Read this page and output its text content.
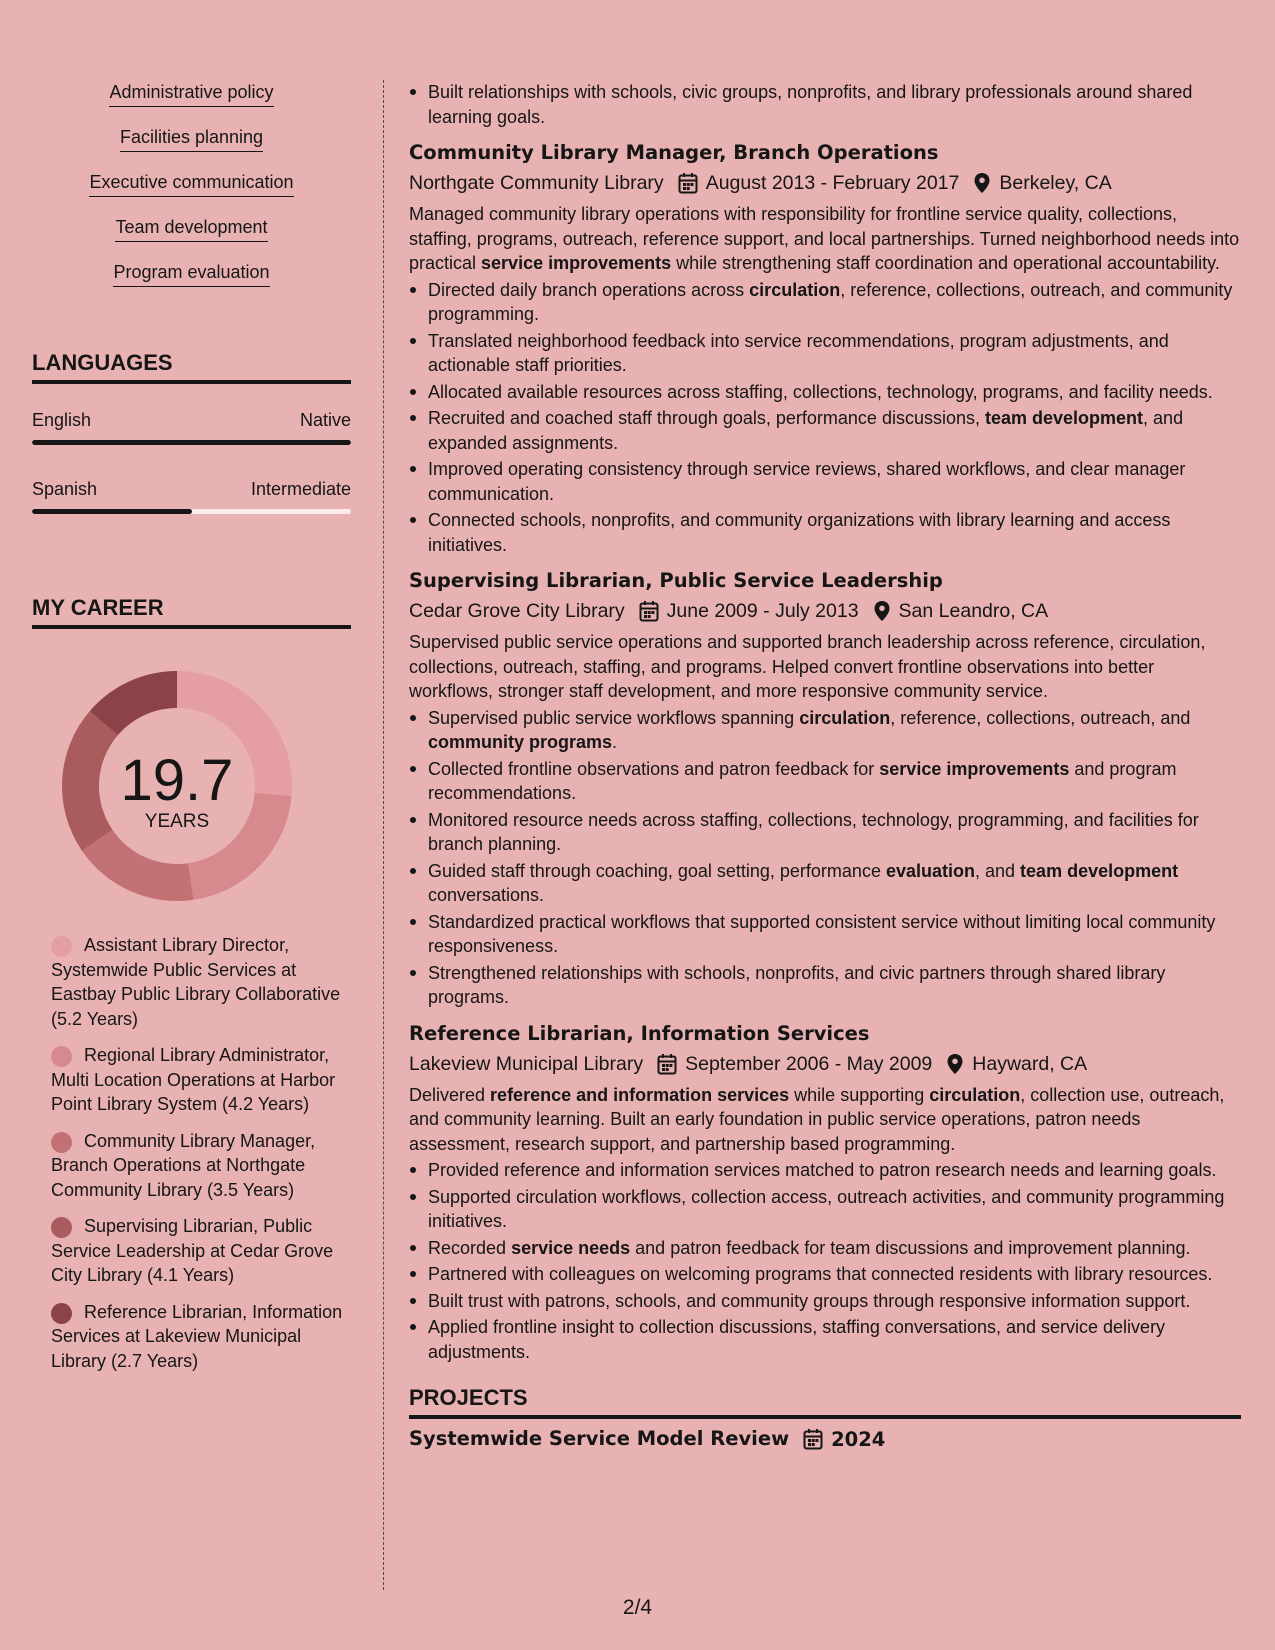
Administrative policy
Facilities planning
Executive communication
Team development
Program evaluation
LANGUAGES
English	Native
Spanish	Intermediate
MY CAREER
19.7
YEARS
Assistant Library Director, Systemwide Public Services at Eastbay Public Library Collaborative (5.2 Years)
Regional Library Administrator, Multi Location Operations at Harbor Point Library System (4.2 Years)
Community Library Manager, Branch Operations at Northgate Community Library (3.5 Years)
Supervising Librarian, Public Service Leadership at Cedar Grove City Library (4.1 Years)
Reference Librarian, Information Services at Lakeview Municipal Library (2.7 Years)
Built relationships with schools, civic groups, nonprofits, and library professionals around shared learning goals.
Community Library Manager, Branch Operations
Northgate Community Library August 2013 - February 2017 Berkeley, CA
Managed community library operations with responsibility for frontline service quality, collections, staffing, programs, outreach, reference support, and local partnerships. Turned neighborhood needs into practical service improvements while strengthening staff coordination and operational accountability.
Directed daily branch operations across circulation, reference, collections, outreach, and community programming.
Translated neighborhood feedback into service recommendations, program adjustments, and actionable staff priorities.
Allocated available resources across staffing, collections, technology, programs, and facility needs.
Recruited and coached staff through goals, performance discussions, team development, and expanded assignments.
Improved operating consistency through service reviews, shared workflows, and clear manager communication.
Connected schools, nonprofits, and community organizations with library learning and access initiatives.
Supervising Librarian, Public Service Leadership
Cedar Grove City Library June 2009 - July 2013 San Leandro, CA
Supervised public service operations and supported branch leadership across reference, circulation, collections, outreach, staffing, and programs. Helped convert frontline observations into better workflows, stronger staff development, and more responsive community service.
Supervised public service workflows spanning circulation, reference, collections, outreach, and community programs.
Collected frontline observations and patron feedback for service improvements and program recommendations.
Monitored resource needs across staffing, collections, technology, programming, and facilities for branch planning.
Guided staff through coaching, goal setting, performance evaluation, and team development conversations.
Standardized practical workflows that supported consistent service without limiting local community responsiveness.
Strengthened relationships with schools, nonprofits, and civic partners through shared library programs.
Reference Librarian, Information Services
Lakeview Municipal Library September 2006 - May 2009 Hayward, CA
Delivered reference and information services while supporting circulation, collection use, outreach, and community learning. Built an early foundation in public service operations, patron needs assessment, research support, and partnership based programming.
Provided reference and information services matched to patron research needs and learning goals.
Supported circulation workflows, collection access, outreach activities, and community programming initiatives.
Recorded service needs and patron feedback for team discussions and improvement planning.
Partnered with colleagues on welcoming programs that connected residents with library resources.
Built trust with patrons, schools, and community groups through responsive information support.
Applied frontline insight to collection discussions, staffing conversations, and service delivery adjustments.
PROJECTS
Systemwide Service Model Review 2024
2/4
